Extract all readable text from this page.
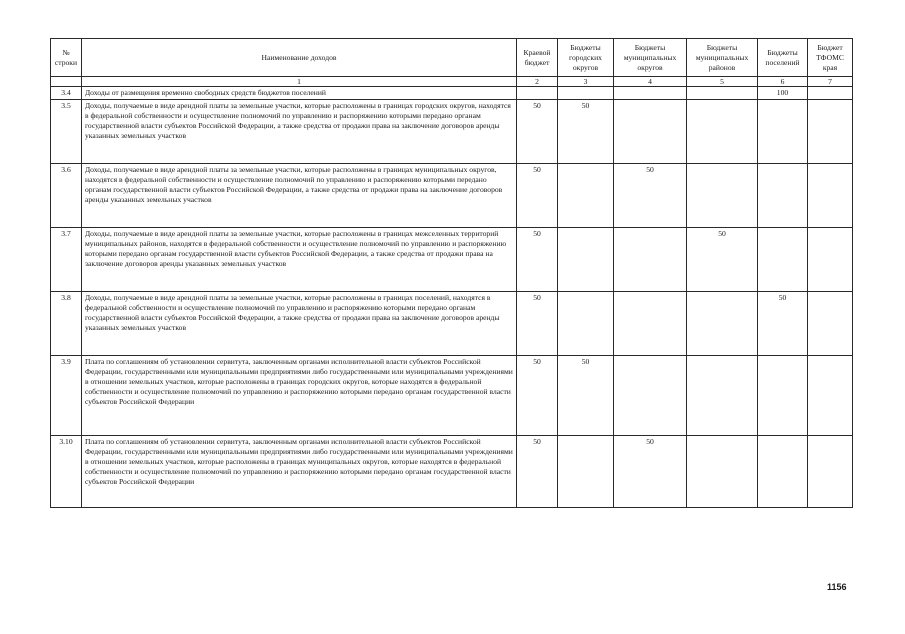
№ строки	Наименование доходов	Краевой бюджет	Бюджеты городских округов	Бюджеты муниципальных округов	Бюджеты муниципальных районов	Бюджеты поселений	Бюджет ТФОМС края
	1	2	3	4	5	6	7
3.4	Доходы от размещения временно свободных средств бюджетов поселений					100	
3.5	Доходы, получаемые в виде арендной платы за земельные участки, которые расположены в границах городских округов, находятся в федеральной собственности и осуществление полномочий по управлению и распоряжению которыми передано органам государственной власти субъектов Российской Федерации, а также средства от продажи права на заключение договоров аренды указанных земельных участков	50	50				
3.6	Доходы, получаемые в виде арендной платы за земельные участки, которые расположены в границах муниципальных округов, находятся в федеральной собственности и осуществление полномочий по управлению и распоряжению которыми передано органам государственной власти субъектов Российской Федерации, а также средства от продажи права на заключение договоров аренды указанных земельных участков	50		50			
3.7	Доходы, получаемые в виде арендной платы за земельные участки, которые расположены в границах межселенных территорий муниципальных районов, находятся в федеральной собственности и осуществление полномочий по управлению и распоряжению которыми передано органам государственной власти субъектов Российской Федерации, а также средства от продажи права на заключение договоров аренды указанных земельных участков	50			50		
3.8	Доходы, получаемые в виде арендной платы за земельные участки, которые расположены в границах поселений, находятся в федеральной собственности и осуществление полномочий по управлению и распоряжению которыми передано органам государственной власти субъектов Российской Федерации, а также средства от продажи права на заключение договоров аренды указанных земельных участков	50				50	
3.9	Плата по соглашениям об установлении сервитута, заключенным органами исполнительной власти субъектов Российской Федерации, государственными или муниципальными предприятиями либо государственными или муниципальными учреждениями в отношении земельных участков, которые расположены в границах городских округов, которые находятся в федеральной собственности и осуществление полномочий по управлению и распоряжению которыми передано органам государственной власти субъектов Российской Федерации	50	50				
3.10	Плата по соглашениям об установлении сервитута, заключенным органами исполнительной власти субъектов Российской Федерации, государственными или муниципальными предприятиями либо государственными или муниципальными учреждениями в отношении земельных участков, которые расположены в границах муниципальных округов, которые находятся в федеральной собственности и осуществление полномочий по управлению и распоряжению которыми передано органам государственной власти субъектов Российской Федерации	50		50			
1156
